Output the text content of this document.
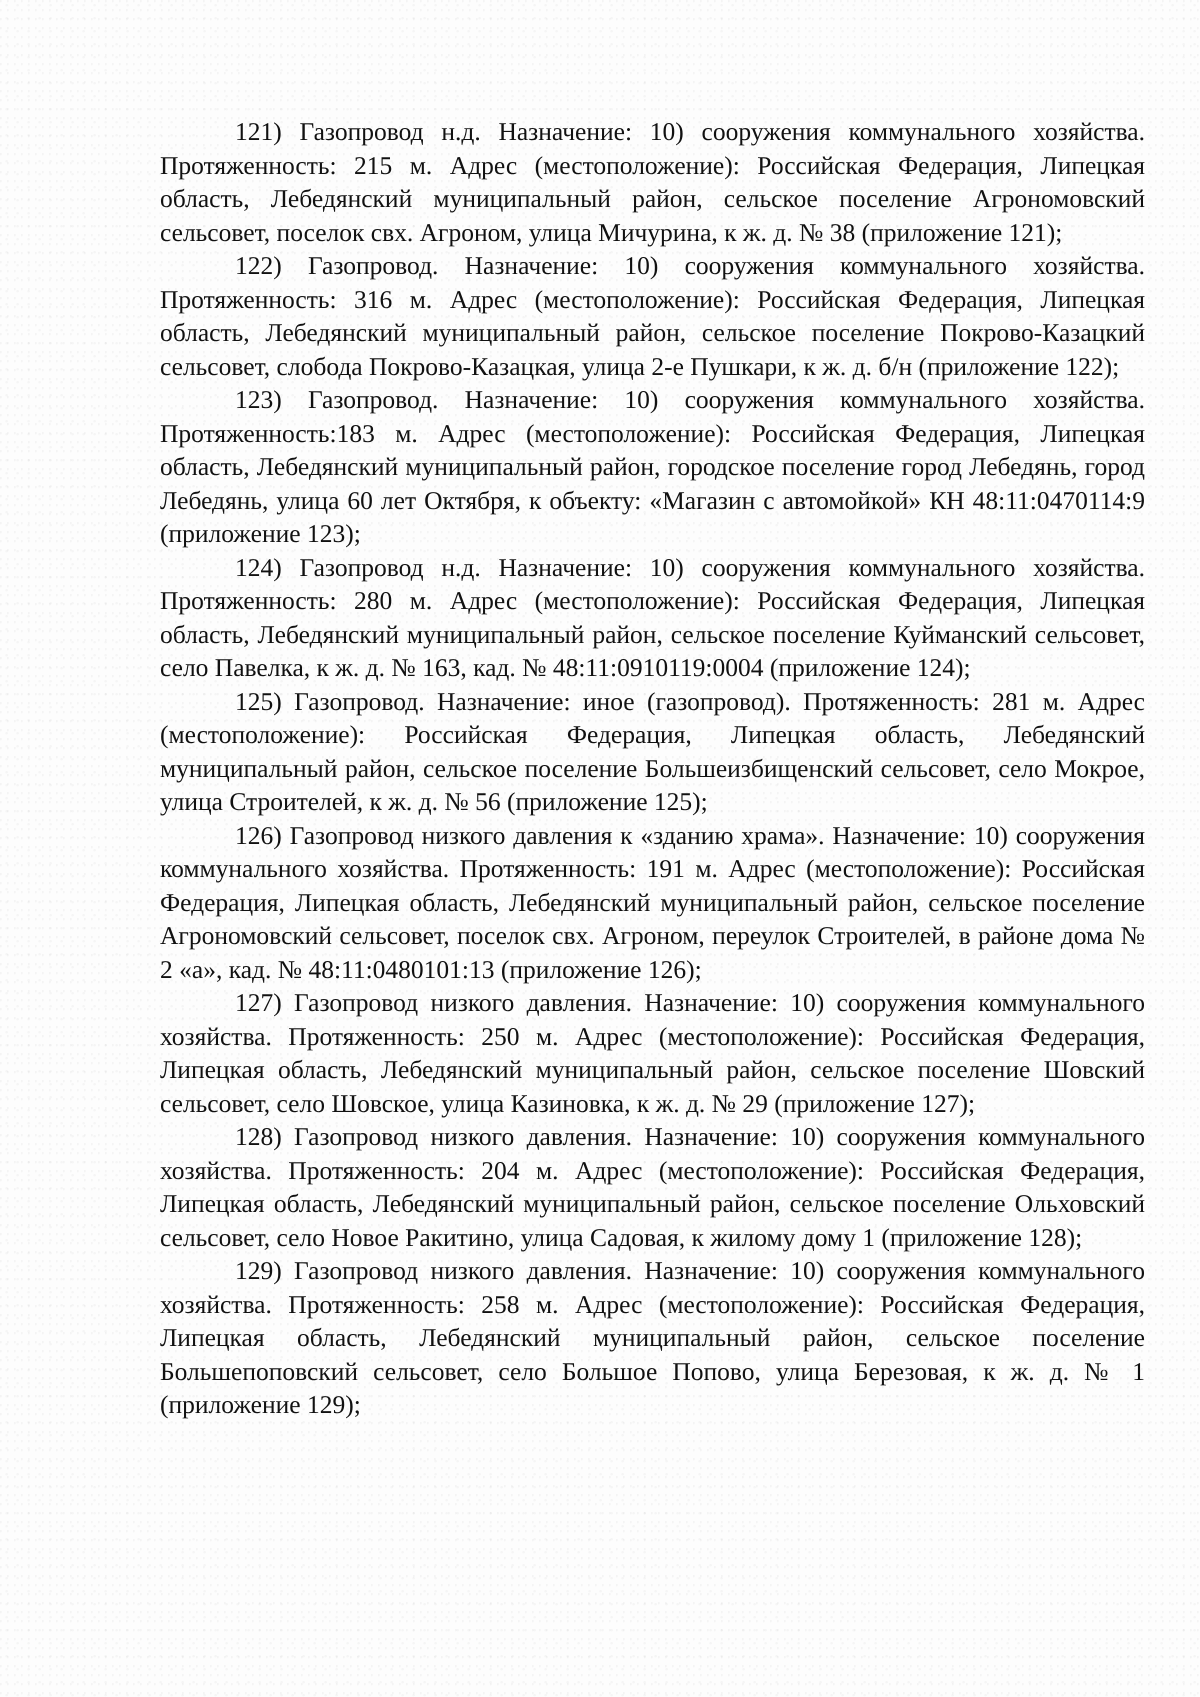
121) Газопровод н.д. Назначение: 10) сооружения коммунального хозяйства. Протяженность: 215 м. Адрес (местоположение): Российская Федерация, Липецкая область, Лебедянский муниципальный район, сельское поселение Агрономовский сельсовет, поселок свх. Агроном, улица Мичурина, к ж. д. № 38 (приложение 121);

122) Газопровод. Назначение: 10) сооружения коммунального хозяйства. Протяженность: 316 м. Адрес (местоположение): Российская Федерация, Липецкая область, Лебедянский муниципальный район, сельское поселение Покрово-Казацкий сельсовет, слобода Покрово-Казацкая, улица 2-е Пушкари, к ж. д. б/н (приложение 122);

123) Газопровод. Назначение: 10) сооружения коммунального хозяйства. Протяженность:183 м. Адрес (местоположение): Российская Федерация, Липецкая область, Лебедянский муниципальный район, городское поселение город Лебедянь, город Лебедянь, улица 60 лет Октября, к объекту: «Магазин с автомойкой» КН 48:11:0470114:9 (приложение 123);

124) Газопровод н.д. Назначение: 10) сооружения коммунального хозяйства. Протяженность: 280 м. Адрес (местоположение): Российская Федерация, Липецкая область, Лебедянский муниципальный район, сельское поселение Куйманский сельсовет, село Павелка, к ж. д. № 163, кад. № 48:11:0910119:0004 (приложение 124);

125) Газопровод. Назначение: иное (газопровод). Протяженность: 281 м. Адрес (местоположение): Российская Федерация, Липецкая область, Лебедянский муниципальный район, сельское поселение Большеизбищенский сельсовет, село Мокрое, улица Строителей, к ж. д. № 56 (приложение 125);

126) Газопровод низкого давления к «зданию храма». Назначение: 10) сооружения коммунального хозяйства. Протяженность: 191 м. Адрес (местоположение): Российская Федерация, Липецкая область, Лебедянский муниципальный район, сельское поселение Агрономовский сельсовет, поселок свх. Агроном, переулок Строителей, в районе дома № 2 «а», кад. № 48:11:0480101:13 (приложение 126);

127) Газопровод низкого давления. Назначение: 10) сооружения коммунального хозяйства. Протяженность: 250 м. Адрес (местоположение): Российская Федерация, Липецкая область, Лебедянский муниципальный район, сельское поселение Шовский сельсовет, село Шовское, улица Казиновка, к ж. д. № 29 (приложение 127);

128) Газопровод низкого давления. Назначение: 10) сооружения коммунального хозяйства. Протяженность: 204 м. Адрес (местоположение): Российская Федерация, Липецкая область, Лебедянский муниципальный район, сельское поселение Ольховский сельсовет, село Новое Ракитино, улица Садовая, к жилому дому 1 (приложение 128);

129) Газопровод низкого давления. Назначение: 10) сооружения коммунального хозяйства. Протяженность: 258 м. Адрес (местоположение): Российская Федерация, Липецкая область, Лебедянский муниципальный район, сельское поселение Большепоповский сельсовет, село Большое Попово, улица Березовая, к ж. д. № 1 (приложение 129);
